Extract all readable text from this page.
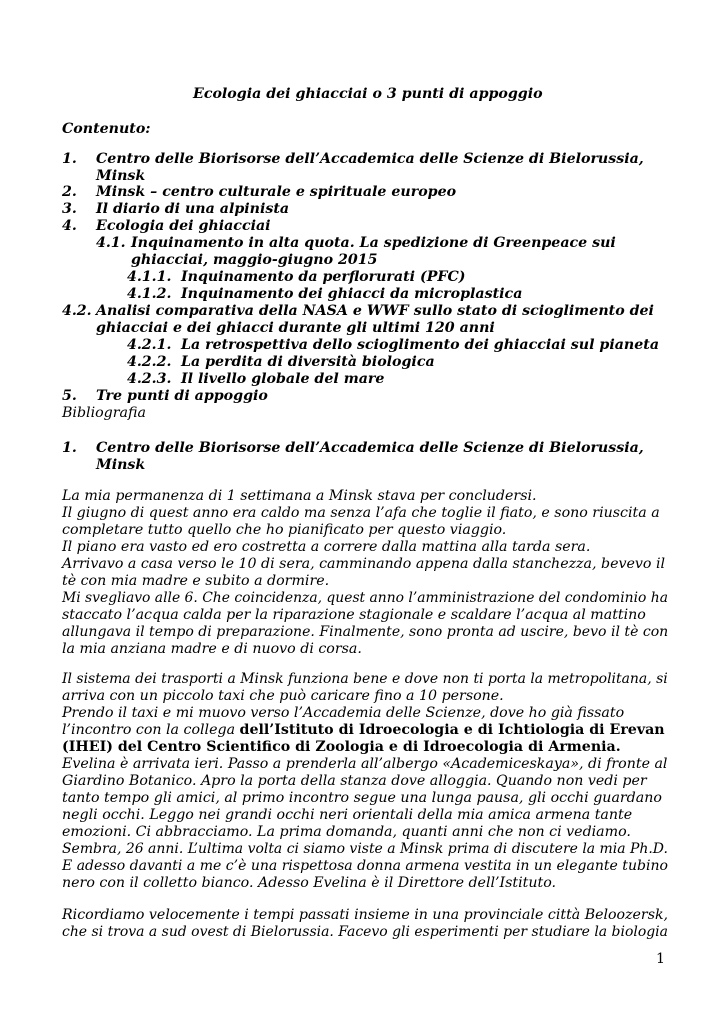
Ecologia dei ghiacciai o 3 punti di appoggio
Contenuto:
1. Centro delle Biorisorse dell’Accademica delle Scienze di Bielorussia,
Minsk
2. Minsk – centro culturale e spirituale europeo
3. Il diario di una alpinista
4. Ecologia dei ghiacciai
4.1. Inquinamento in alta quota. La spedizione di Greenpeace sui
ghiacciai, maggio-giugno 2015
4.1.1. Inquinamento da perflorurati (PFC)
4.1.2. Inquinamento dei ghiacci da microplastica
4.2. Analisi comparativa della NASA e WWF sullo stato di scioglimento dei
ghiacciai e dei ghiacci durante gli ultimi 120 anni
4.2.1. La retrospettiva dello scioglimento dei ghiacciai sul pianeta
4.2.2. La perdita di diversità biologica
4.2.3. Il livello globale del mare
5. Tre punti di appoggio
Bibliografia
1. Centro delle Biorisorse dell’Accademica delle Scienze di Bielorussia,
Minsk
La mia permanenza di 1 settimana a Minsk stava per concludersi.
Il giugno di quest anno era caldo ma senza l’afa che toglie il fiato, e sono riuscita a
completare tutto quello che ho pianificato per questo viaggio.
Il piano era vasto ed ero costretta a correre dalla mattina alla tarda sera.
Arrivavo a casa verso le 10 di sera, camminando appena dalla stanchezza, bevevo il
tè con mia madre e subito a dormire.
Mi svegliavo alle 6. Che coincidenza, quest anno l’amministrazione del condominio ha
staccato l’acqua calda per la riparazione stagionale e scaldare l’acqua al mattino
allungava il tempo di preparazione. Finalmente, sono pronta ad uscire, bevo il tè con
la mia anziana madre e di nuovo di corsa.
Il sistema dei trasporti a Minsk funziona bene e dove non ti porta la metropolitana, si
arriva con un piccolo taxi che può caricare fino a 10 persone.
Prendo il taxi e mi muovo verso l’Accademia delle Scienze, dove ho già fissato
l’incontro con la collega dell’Istituto di Idroecologia e di Ichtiologia di Erevan
(IHEI) del Centro Scientifico di Zoologia e di Idroecologia di Armenia.
Evelina è arrivata ieri. Passo a prenderla all’albergo «Academiceskaya», di fronte al
Giardino Botanico. Apro la porta della stanza dove alloggia. Quando non vedi per
tanto tempo gli amici, al primo incontro segue una lunga pausa, gli occhi guardano
negli occhi. Leggo nei grandi occhi neri orientali della mia amica armena tante
emozioni. Ci abbracciamo. La prima domanda, quanti anni che non ci vediamo.
Sembra, 26 anni. L’ultima volta ci siamo viste a Minsk prima di discutere la mia Ph.D.
E adesso davanti a me c’è una rispettosa donna armena vestita in un elegante tubino
nero con il colletto bianco. Adesso Evelina è il Direttore dell’Istituto.
Ricordiamo velocemente i tempi passati insieme in una provinciale città Beloozersk,
che si trova a sud ovest di Bielorussia. Facevo gli esperimenti per studiare la biologia
1
